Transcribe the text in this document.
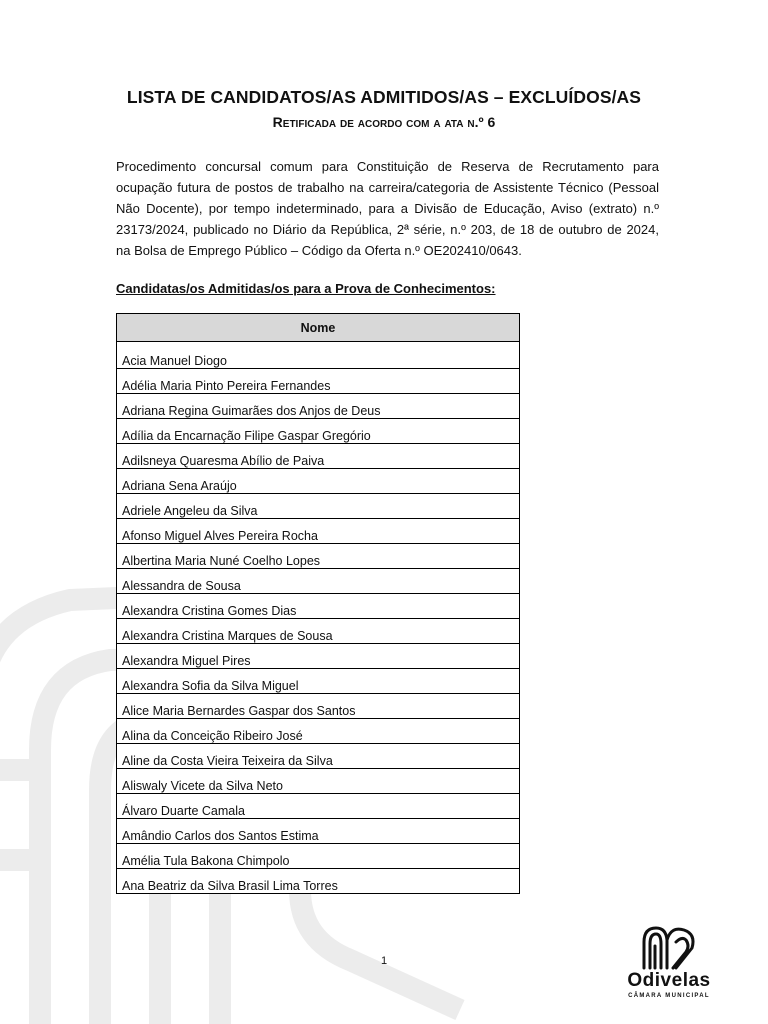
LISTA DE CANDIDATOS/AS ADMITIDOS/AS – EXCLUÍDOS/AS
Retificada de acordo com a ata n.º 6

Procedimento concursal comum para Constituição de Reserva de Recrutamento para ocupação futura de postos de trabalho na carreira/categoria de Assistente Técnico (Pessoal Não Docente), por tempo indeterminado, para a Divisão de Educação, Aviso (extrato) n.º 23173/2024, publicado no Diário da República, 2ª série, n.º 203, de 18 de outubro de 2024, na Bolsa de Emprego Público – Código da Oferta n.º OE202410/0643.

Candidatas/os Admitidas/os para a Prova de Conhecimentos:
Nome
Acia Manuel Diogo
Adélia Maria Pinto Pereira Fernandes
Adriana Regina Guimarães dos Anjos de Deus
Adília da Encarnação Filipe Gaspar Gregório
Adilsneya Quaresma Abílio de Paiva
Adriana Sena Araújo
Adriele Angeleu da Silva
Afonso Miguel Alves Pereira Rocha
Albertina Maria Nuné Coelho Lopes
Alessandra de Sousa
Alexandra Cristina Gomes Dias
Alexandra Cristina Marques de Sousa
Alexandra Miguel Pires
Alexandra Sofia da Silva Miguel
Alice Maria Bernardes Gaspar dos Santos
Alina da Conceição Ribeiro José
Aline da Costa Vieira Teixeira da Silva
Aliswaly Vicete da Silva Neto
Álvaro Duarte Camala
Amândio Carlos dos Santos Estima
Amélia Tula Bakona Chimpolo
Ana Beatriz da Silva Brasil Lima Torres
1
Odivelas
CÂMARA MUNICIPAL
